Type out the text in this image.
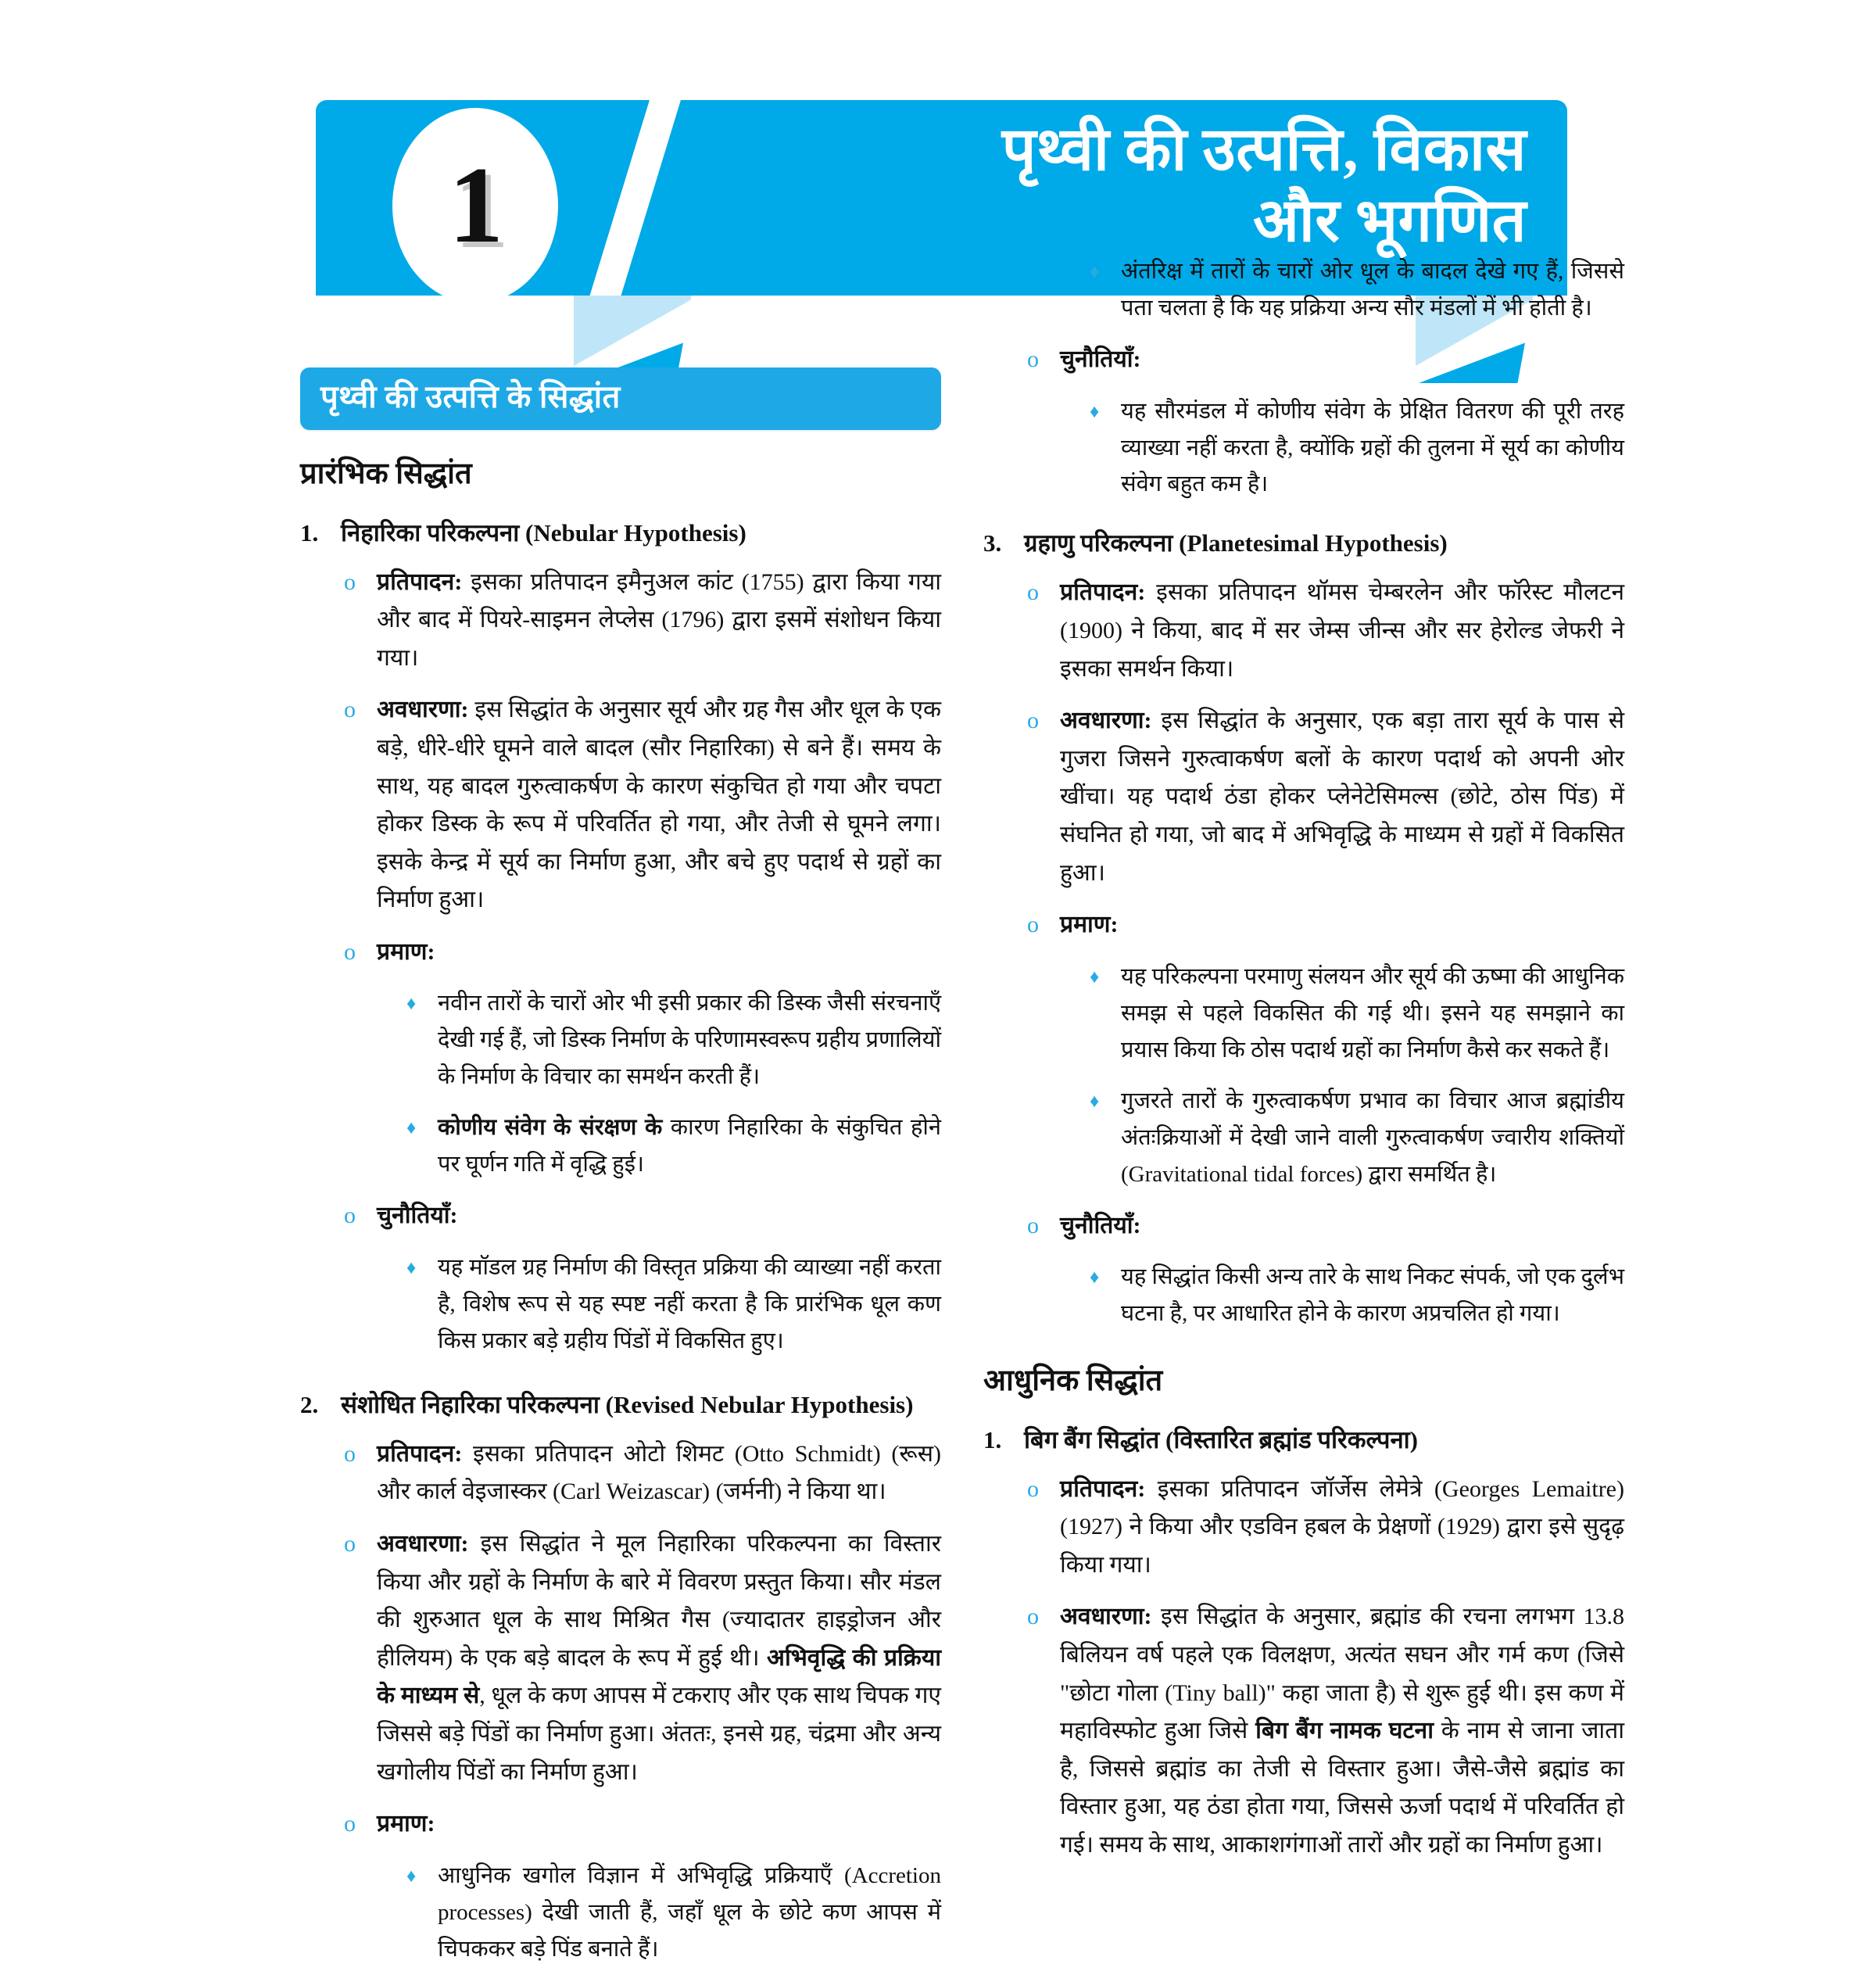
1	पृथ्वी की उत्पत्ति, विकास
और भूगणित
पृथ्वी की उत्पत्ति के सिद्धांत
प्रारंभिक सिद्धांत
1. निहारिका परिकल्पना (Nebular Hypothesis)
o प्रतिपादन: इसका प्रतिपादन इमैनुअल कांट (1755) द्वारा किया गया और बाद में पियरे-साइमन लेप्लेस (1796) द्वारा इसमें संशोधन किया गया।
o अवधारणा: इस सिद्धांत के अनुसार सूर्य और ग्रह गैस और धूल के एक बड़े, धीरे-धीरे घूमने वाले बादल (सौर निहारिका) से बने हैं। समय के साथ, यह बादल गुरुत्वाकर्षण के कारण संकुचित हो गया और चपटा होकर डिस्क के रूप में परिवर्तित हो गया, और तेजी से घूमने लगा। इसके केन्द्र में सूर्य का निर्माण हुआ, और बचे हुए पदार्थ से ग्रहों का निर्माण हुआ।
o प्रमाण:
♦ नवीन तारों के चारों ओर भी इसी प्रकार की डिस्क जैसी संरचनाएँ देखी गई हैं, जो डिस्क निर्माण के परिणामस्वरूप ग्रहीय प्रणालियों के निर्माण के विचार का समर्थन करती हैं।
♦ कोणीय संवेग के संरक्षण के कारण निहारिका के संकुचित होने पर घूर्णन गति में वृद्धि हुई।
o चुनौतियाँ:
♦ यह मॉडल ग्रह निर्माण की विस्तृत प्रक्रिया की व्याख्या नहीं करता है, विशेष रूप से यह स्पष्ट नहीं करता है कि प्रारंभिक धूल कण किस प्रकार बड़े ग्रहीय पिंडों में विकसित हुए।
2. संशोधित निहारिका परिकल्पना (Revised Nebular Hypothesis)
o प्रतिपादन: इसका प्रतिपादन ओटो शिमट (Otto Schmidt) (रूस) और कार्ल वेइजास्कर (Carl Weizascar) (जर्मनी) ने किया था।
o अवधारणा: इस सिद्धांत ने मूल निहारिका परिकल्पना का विस्तार किया और ग्रहों के निर्माण के बारे में विवरण प्रस्तुत किया। सौर मंडल की शुरुआत धूल के साथ मिश्रित गैस (ज्यादातर हाइड्रोजन और हीलियम) के एक बड़े बादल के रूप में हुई थी। अभिवृद्धि की प्रक्रिया के माध्यम से, धूल के कण आपस में टकराए और एक साथ चिपक गए जिससे बड़े पिंडों का निर्माण हुआ। अंततः, इनसे ग्रह, चंद्रमा और अन्य खगोलीय पिंडों का निर्माण हुआ।
o प्रमाण:
♦ आधुनिक खगोल विज्ञान में अभिवृद्धि प्रक्रियाएँ (Accretion processes) देखी जाती हैं, जहाँ धूल के छोटे कण आपस में चिपककर बड़े पिंड बनाते हैं।
♦ अंतरिक्ष में तारों के चारों ओर धूल के बादल देखे गए हैं, जिससे पता चलता है कि यह प्रक्रिया अन्य सौर मंडलों में भी होती है।
o चुनौतियाँ:
♦ यह सौरमंडल में कोणीय संवेग के प्रेक्षित वितरण की पूरी तरह व्याख्या नहीं करता है, क्योंकि ग्रहों की तुलना में सूर्य का कोणीय संवेग बहुत कम है।
3. ग्रहाणु परिकल्पना (Planetesimal Hypothesis)
o प्रतिपादन: इसका प्रतिपादन थॉमस चेम्बरलेन और फॉरेस्ट मौलटन (1900) ने किया, बाद में सर जेम्स जीन्स और सर हेरोल्ड जेफरी ने इसका समर्थन किया।
o अवधारणा: इस सिद्धांत के अनुसार, एक बड़ा तारा सूर्य के पास से गुजरा जिसने गुरुत्वाकर्षण बलों के कारण पदार्थ को अपनी ओर खींचा। यह पदार्थ ठंडा होकर प्लेनेटेसिमल्स (छोटे, ठोस पिंड) में संघनित हो गया, जो बाद में अभिवृद्धि के माध्यम से ग्रहों में विकसित हुआ।
o प्रमाण:
♦ यह परिकल्पना परमाणु संलयन और सूर्य की ऊष्मा की आधुनिक समझ से पहले विकसित की गई थी। इसने यह समझाने का प्रयास किया कि ठोस पदार्थ ग्रहों का निर्माण कैसे कर सकते हैं।
♦ गुजरते तारों के गुरुत्वाकर्षण प्रभाव का विचार आज ब्रह्मांडीय अंतःक्रियाओं में देखी जाने वाली गुरुत्वाकर्षण ज्वारीय शक्तियों (Gravitational tidal forces) द्वारा समर्थित है।
o चुनौतियाँ:
♦ यह सिद्धांत किसी अन्य तारे के साथ निकट संपर्क, जो एक दुर्लभ घटना है, पर आधारित होने के कारण अप्रचलित हो गया।
आधुनिक सिद्धांत
1. बिग बैंग सिद्धांत (विस्तारित ब्रह्मांड परिकल्पना)
o प्रतिपादन: इसका प्रतिपादन जॉर्जेस लेमेत्रे (Georges Lemaitre) (1927) ने किया और एडविन हबल के प्रेक्षणों (1929) द्वारा इसे सुदृढ़ किया गया।
o अवधारणा: इस सिद्धांत के अनुसार, ब्रह्मांड की रचना लगभग 13.8 बिलियन वर्ष पहले एक विलक्षण, अत्यंत सघन और गर्म कण (जिसे "छोटा गोला (Tiny ball)" कहा जाता है) से शुरू हुई थी। इस कण में महाविस्फोट हुआ जिसे बिग बैंग नामक घटना के नाम से जाना जाता है, जिससे ब्रह्मांड का तेजी से विस्तार हुआ। जैसे-जैसे ब्रह्मांड का विस्तार हुआ, यह ठंडा होता गया, जिससे ऊर्जा पदार्थ में परिवर्तित हो गई। समय के साथ, आकाशगंगाओं तारों और ग्रहों का निर्माण हुआ।
